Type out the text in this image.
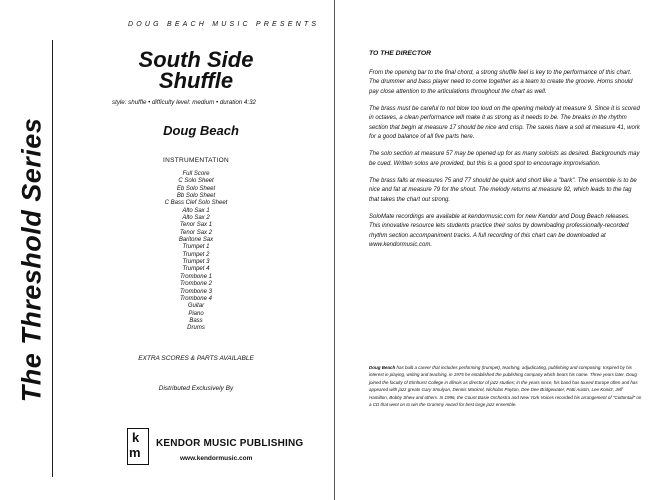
The Threshold Series
DOUG BEACH MUSIC PRESENTS
South Side
Shuffle
style: shuffle • difficulty level: medium • duration 4:32
Doug Beach
INSTRUMENTATION
Full Score
C Solo Sheet
Eb Solo Sheet
Bb Solo Sheet
C Bass Clef Solo Sheet
Alto Sax 1
Alto Sax 2
Tenor Sax 1
Tenor Sax 2
Baritone Sax
Trumpet 1
Trumpet 2
Trumpet 3
Trumpet 4
Trombone 1
Trombone 2
Trombone 3
Trombone 4
Guitar
Piano
Bass
Drums
EXTRA SCORES & PARTS AVAILABLE
Distributed Exclusively By
k
m
KENDOR MUSIC PUBLISHING
www.kendormusic.com
TO THE DIRECTOR

From the opening bar to the final chord, a strong shuffle feel is key to the performance of this chart. The drummer and bass player need to come together as a team to create the groove. Horns should pay close attention to the articulations throughout the chart as well.

The brass must be careful to not blow too loud on the opening melody at measure 9. Since it is scored in octaves, a clean performance will make it as strong as it needs to be. The breaks in the rhythm section that begin at measure 17 should be nice and crisp. The saxes have a soli at measure 41, work for a good balance of all five parts here.

The solo section at measure 57 may be opened up for as many soloists as desired. Backgrounds may be cued. Written solos are provided, but this is a good spot to encourage improvisation.

The brass falls at measures 75 and 77 should be quick and short like a "bark". The ensemble is to be nice and fat at measure 79 for the shout. The melody returns at measure 92, which leads to the tag that takes the chart out strong.

SoloMate recordings are available at kendormusic.com for new Kendor and Doug Beach releases. This innovative resource lets students practice their solos by downloading professionally-recorded rhythm section accompaniment tracks. A full recording of this chart can be downloaded at www.kendormusic.com.

Doug Beach has built a career that includes performing (trumpet), teaching, adjudicating, publishing and composing. Inspired by his interest in playing, writing and teaching, in 1975 he established the publishing company which bears his name. Three years later, Doug joined the faculty of Elmhurst College in Illinois as director of jazz studies; in the years since, his band has toured Europe often and has appeared with jazz greats Gary Smulyan, Dennis Mackrel, Nicholas Payton, Dee Dee Bridgewater, Patti Austin, Lee Konitz, Jeff Hamilton, Bobby Shew and others. In 1996, the Count Basie Orchestra and New York Voices recorded his arrangement of "Cottontail" on a CD that went on to win the Grammy Award for best large jazz ensemble.
